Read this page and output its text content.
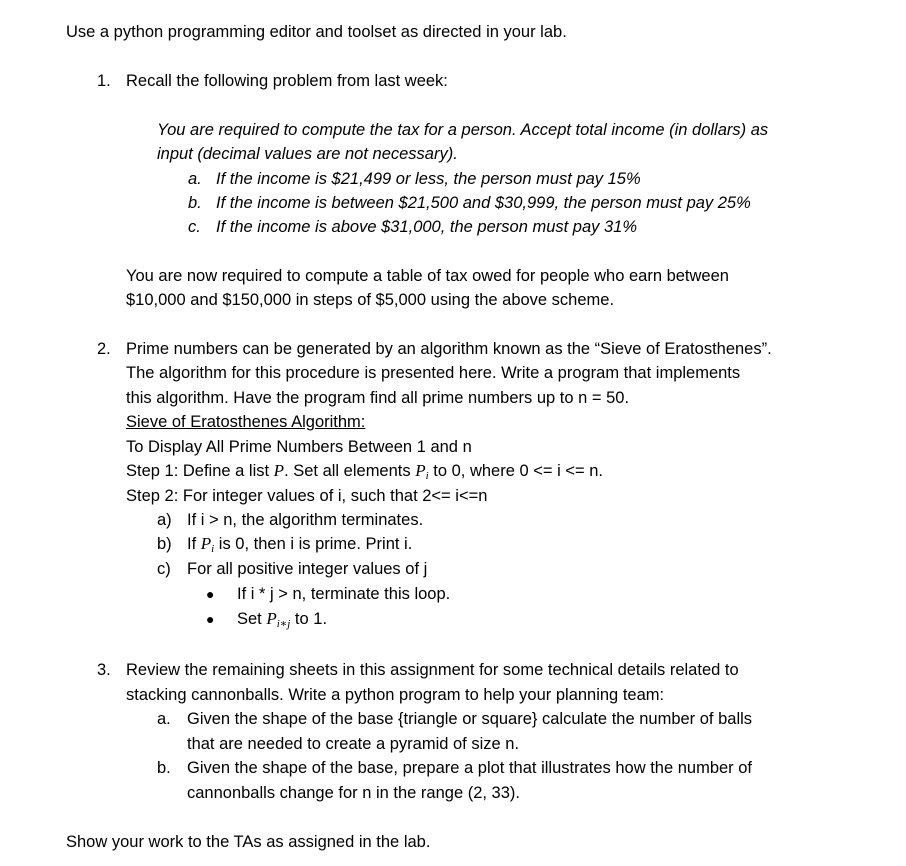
Use a python programming editor and toolset as directed in your lab.
1. Recall the following problem from last week:
You are required to compute the tax for a person. Accept total income (in dollars) as
input (decimal values are not necessary).
a. If the income is $21,499 or less, the person must pay 15%
b. If the income is between $21,500 and $30,999, the person must pay 25%
c. If the income is above $31,000, the person must pay 31%
You are now required to compute a table of tax owed for people who earn between
$10,000 and $150,000 in steps of $5,000 using the above scheme.
2. Prime numbers can be generated by an algorithm known as the “Sieve of Eratosthenes”.
The algorithm for this procedure is presented here. Write a program that implements
this algorithm. Have the program find all prime numbers up to n = 50.
Sieve of Eratosthenes Algorithm:
To Display All Prime Numbers Between 1 and n
Step 1: Define a list P. Set all elements $P_i$ to 0, where 0 <= i <= n.
Step 2: For integer values of i, such that 2<= i<=n
a) If i > n, the algorithm terminates.
b) If $P_i$ is 0, then i is prime. Print i.
c) For all positive integer values of j
● If i * j > n, terminate this loop.
● Set $P_{i∗j}$ to 1.
3. Review the remaining sheets in this assignment for some technical details related to
stacking cannonballs. Write a python program to help your planning team:
a. Given the shape of the base {triangle or square} calculate the number of balls
that are needed to create a pyramid of size n.
b. Given the shape of the base, prepare a plot that illustrates how the number of
cannonballs change for n in the range (2, 33).
Show your work to the TAs as assigned in the lab.
